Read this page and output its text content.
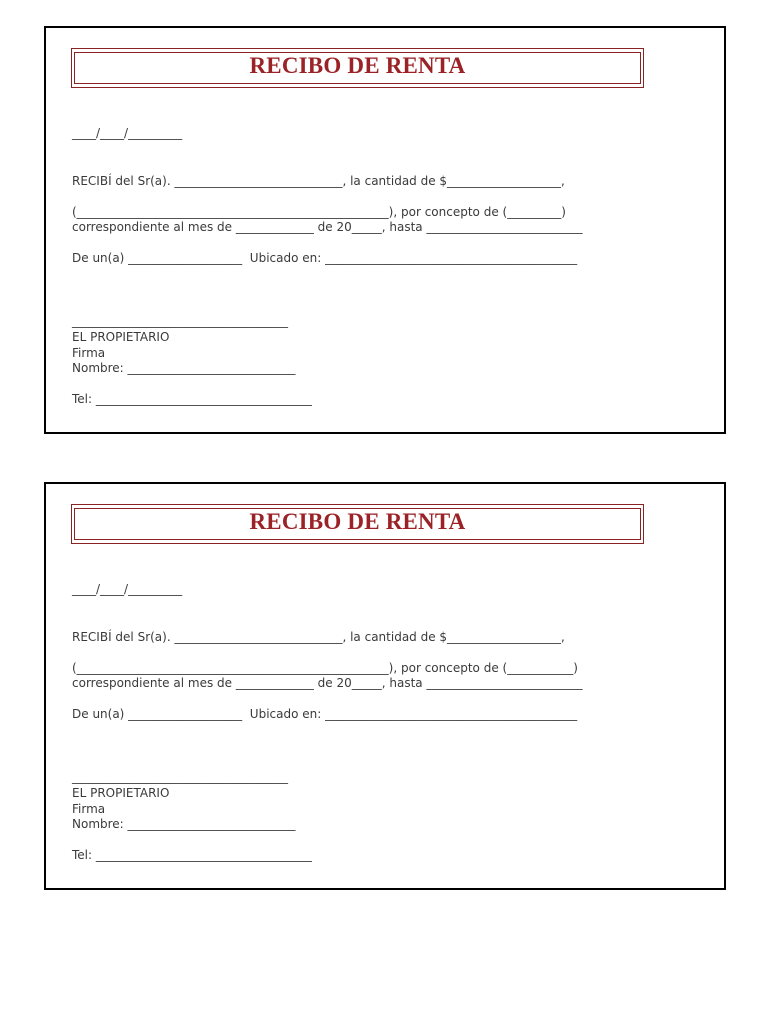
RECIBO DE RENTA
____/____/_________
RECIBÍ del Sr(a). ____________________________, la cantidad de $___________________,
(____________________________________________________), por concepto de (_________)
correspondiente al mes de _____________ de 20_____, hasta __________________________
De un(a) ___________________  Ubicado en: __________________________________________
____________________________________
EL PROPIETARIO
Firma
Nombre: ____________________________
Tel: ____________________________________
RECIBO DE RENTA
____/____/_________
RECIBÍ del Sr(a). ____________________________, la cantidad de $___________________,
(____________________________________________________), por concepto de (___________)
correspondiente al mes de _____________ de 20_____, hasta __________________________
De un(a) ___________________  Ubicado en: __________________________________________
____________________________________
EL PROPIETARIO
Firma
Nombre: ____________________________
Tel: ____________________________________
